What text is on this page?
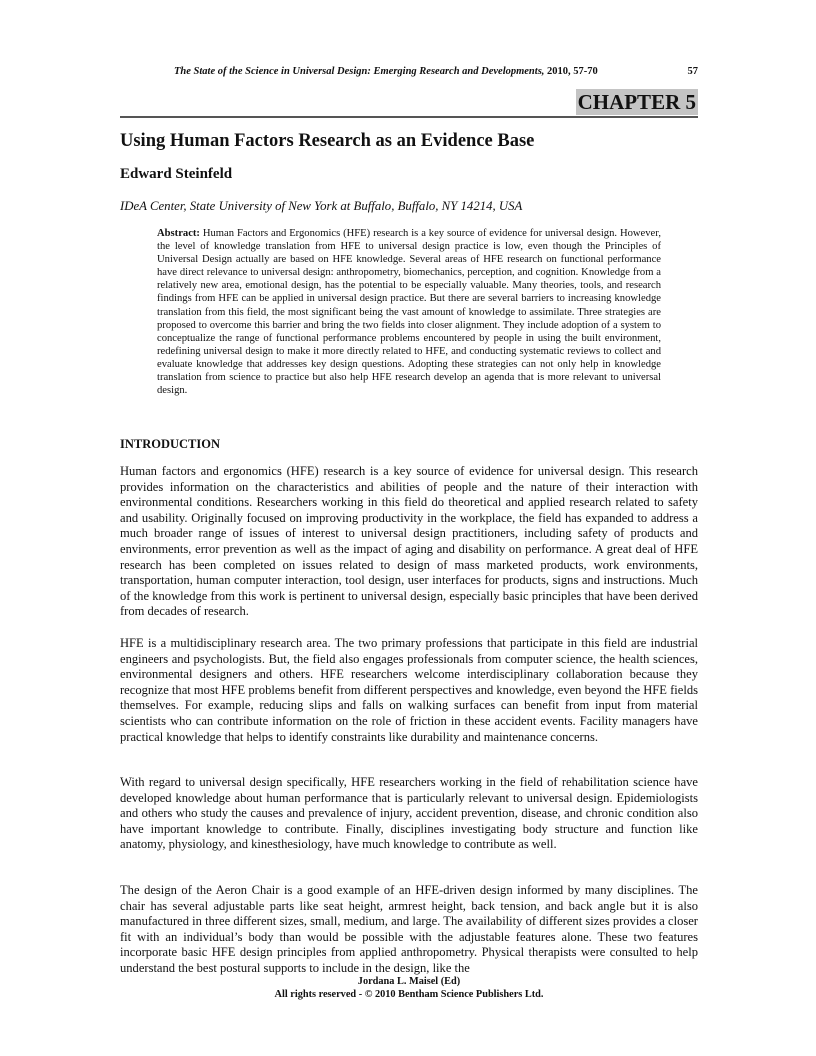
The State of the Science in Universal Design: Emerging Research and Developments, 2010, 57-70	57
CHAPTER 5
Using Human Factors Research as an Evidence Base
Edward Steinfeld
IDeA Center, State University of New York at Buffalo, Buffalo, NY 14214, USA

Abstract: Human Factors and Ergonomics (HFE) research is a key source of evidence for universal design. However, the level of knowledge translation from HFE to universal design practice is low, even though the Principles of Universal Design actually are based on HFE knowledge. Several areas of HFE research on functional performance have direct relevance to universal design: anthropometry, biomechanics, perception, and cognition. Knowledge from a relatively new area, emotional design, has the potential to be especially valuable. Many theories, tools, and research findings from HFE can be applied in universal design practice. But there are several barriers to increasing knowledge translation from this field, the most significant being the vast amount of knowledge to assimilate. Three strategies are proposed to overcome this barrier and bring the two fields into closer alignment. They include adoption of a system to conceptualize the range of functional performance problems encountered by people in using the built environment, redefining universal design to make it more directly related to HFE, and conducting systematic reviews to collect and evaluate knowledge that addresses key design questions. Adopting these strategies can not only help in knowledge translation from science to practice but also help HFE research develop an agenda that is more relevant to universal design.

INTRODUCTION

Human factors and ergonomics (HFE) research is a key source of evidence for universal design. This research provides information on the characteristics and abilities of people and the nature of their interaction with environmental conditions. Researchers working in this field do theoretical and applied research related to safety and usability. Originally focused on improving productivity in the workplace, the field has expanded to address a much broader range of issues of interest to universal design practitioners, including safety of products and environments, error prevention as well as the impact of aging and disability on performance. A great deal of HFE research has been completed on issues related to design of mass marketed products, work environments, transportation, human computer interaction, tool design, user interfaces for products, signs and instructions. Much of the knowledge from this work is pertinent to universal design, especially basic principles that have been derived from decades of research.

HFE is a multidisciplinary research area. The two primary professions that participate in this field are industrial engineers and psychologists. But, the field also engages professionals from computer science, the health sciences, environmental designers and others. HFE researchers welcome interdisciplinary collaboration because they recognize that most HFE problems benefit from different perspectives and knowledge, even beyond the HFE fields themselves. For example, reducing slips and falls on walking surfaces can benefit from input from material scientists who can contribute information on the role of friction in these accident events. Facility managers have practical knowledge that helps to identify constraints like durability and maintenance concerns.

With regard to universal design specifically, HFE researchers working in the field of rehabilitation science have developed knowledge about human performance that is particularly relevant to universal design. Epidemiologists and others who study the causes and prevalence of injury, accident prevention, disease, and chronic condition also have important knowledge to contribute. Finally, disciplines investigating body structure and function like anatomy, physiology, and kinesthesiology, have much knowledge to contribute as well.

The design of the Aeron Chair is a good example of an HFE-driven design informed by many disciplines. The chair has several adjustable parts like seat height, armrest height, back tension, and back angle but it is also manufactured in three different sizes, small, medium, and large. The availability of different sizes provides a closer fit with an individual’s body than would be possible with the adjustable features alone. These two features incorporate basic HFE design principles from applied anthropometry. Physical therapists were consulted to help understand the best postural supports to include in the design, like the

Jordana L. Maisel (Ed)
All rights reserved - © 2010 Bentham Science Publishers Ltd.
